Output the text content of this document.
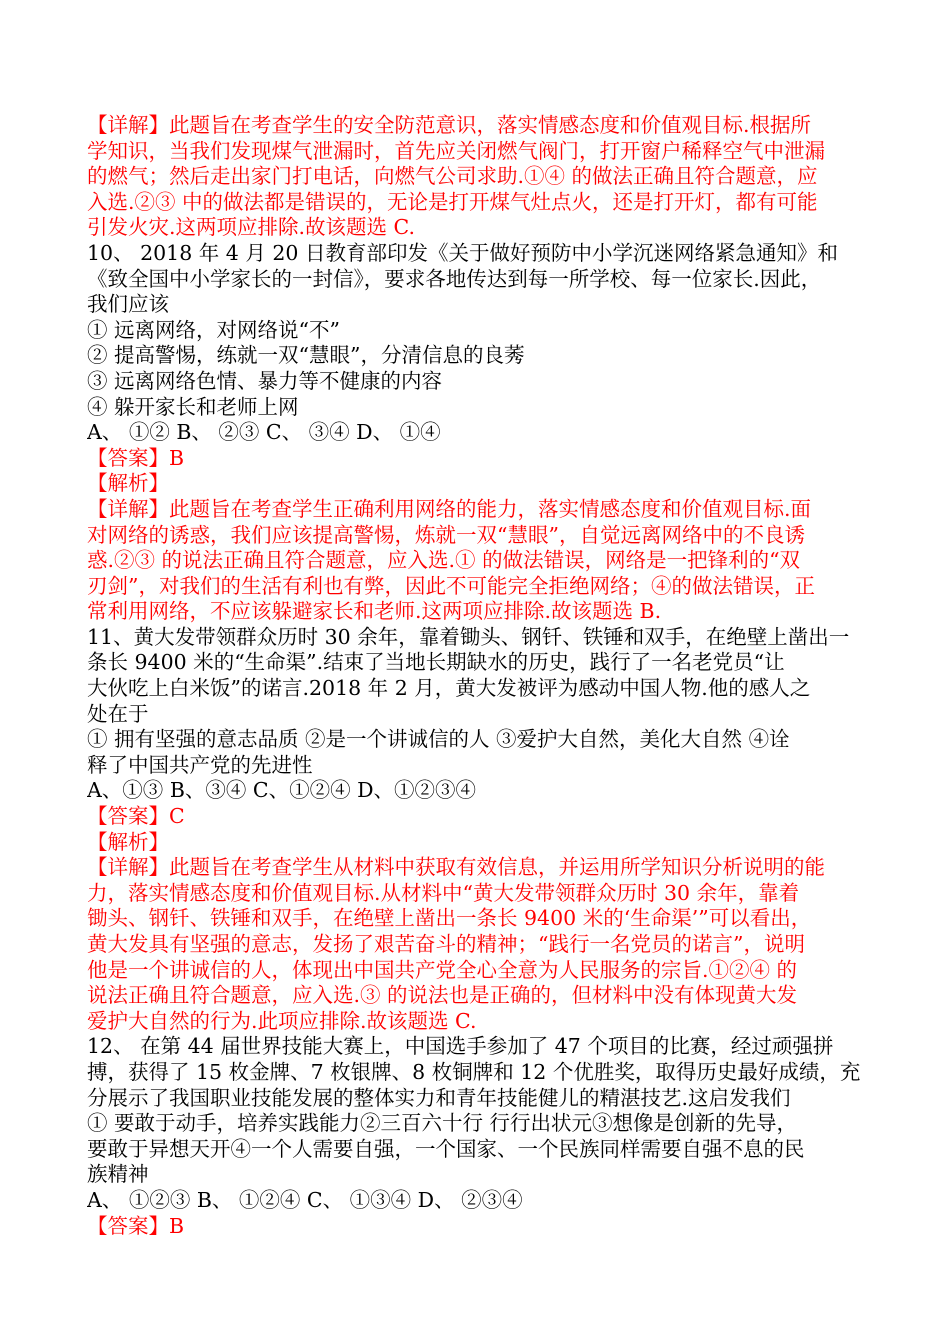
【详解】此题旨在考查学生的安全防范意识，落实情感态度和价值观目标.根据所
学知识，当我们发现煤气泄漏时，首先应关闭燃气阀门，打开窗户稀释空气中泄漏
的燃气；然后走出家门打电话，向燃气公司求助.①④ 的做法正确且符合题意，应
入选.②③ 中的做法都是错误的，无论是打开煤气灶点火，还是打开灯，都有可能
引发火灾.这两项应排除.故该题选 C.
10、 2018 年 4 月 20 日教育部印发《关于做好预防中小学沉迷网络紧急通知》和
《致全国中小学家长的一封信》，要求各地传达到每一所学校、每一位家长.因此，
我们应该
① 远离网络，对网络说“不”
② 提高警惕，练就一双“慧眼”，分清信息的良莠
③ 远离网络色情、暴力等不健康的内容
④ 躲开家长和老师上网
A、 ①② B、 ②③ C、 ③④ D、 ①④
【答案】B
【解析】
【详解】此题旨在考查学生正确利用网络的能力，落实情感态度和价值观目标.面
对网络的诱惑，我们应该提高警惕，炼就一双“慧眼”，自觉远离网络中的不良诱
惑.②③ 的说法正确且符合题意，应入选.① 的做法错误，网络是一把锋利的“双
刃剑”，对我们的生活有利也有弊，因此不可能完全拒绝网络；④的做法错误，正
常利用网络，不应该躲避家长和老师.这两项应排除.故该题选 B.
11、黄大发带领群众历时 30 余年，靠着锄头、钢钎、铁锤和双手，在绝壁上凿出一
条长 9400 米的“生命渠”.结束了当地长期缺水的历史，践行了一名老党员“让
大伙吃上白米饭”的诺言.2018 年 2 月，黄大发被评为感动中国人物.他的感人之
处在于
① 拥有坚强的意志品质 ②是一个讲诚信的人 ③爱护大自然，美化大自然 ④诠
释了中国共产党的先进性
A、①③ B、③④ C、①②④ D、①②③④
【答案】C
【解析】
【详解】此题旨在考查学生从材料中获取有效信息，并运用所学知识分析说明的能
力，落实情感态度和价值观目标.从材料中“黄大发带领群众历时 30 余年，靠着
锄头、钢钎、铁锤和双手，在绝壁上凿出一条长 9400 米的‘生命渠’”可以看出，
黄大发具有坚强的意志，发扬了艰苦奋斗的精神；“践行一名党员的诺言”，说明
他是一个讲诚信的人，体现出中国共产党全心全意为人民服务的宗旨.①②④ 的
说法正确且符合题意，应入选.③ 的说法也是正确的，但材料中没有体现黄大发
爱护大自然的行为.此项应排除.故该题选 C.
12、 在第 44 届世界技能大赛上，中国选手参加了 47 个项目的比赛，经过顽强拼
搏，获得了 15 枚金牌、7 枚银牌、8 枚铜牌和 12 个优胜奖，取得历史最好成绩，充
分展示了我国职业技能发展的整体实力和青年技能健儿的精湛技艺.这启发我们
① 要敢于动手，培养实践能力②三百六十行 行行出状元③想像是创新的先导，
要敢于异想天开④一个人需要自强，一个国家、一个民族同样需要自强不息的民
族精神
A、 ①②③ B、 ①②④ C、 ①③④ D、 ②③④
【答案】B
